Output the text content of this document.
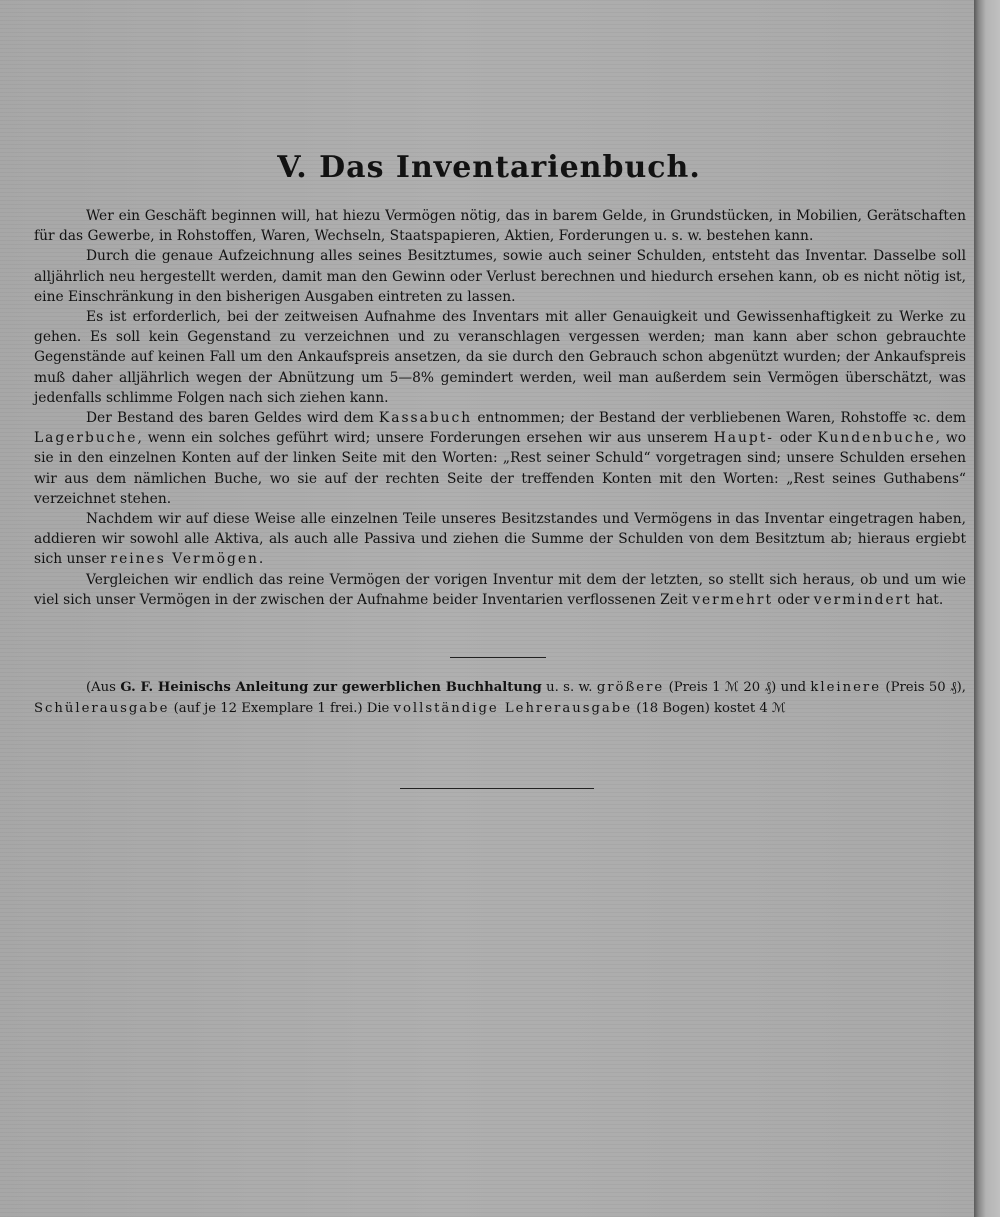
V. Das Inventarienbuch.

Wer ein Geschäft beginnen will, hat hiezu Vermögen nötig, das in barem Gelde, in Grundstücken, in Mobilien, Gerätschaften für das Gewerbe, in Rohstoffen, Waren, Wechseln, Staatspapieren, Aktien, Forderungen u. s. w. bestehen kann.

Durch die genaue Aufzeichnung alles seines Besitztumes, sowie auch seiner Schulden, entsteht das Inventar. Dasselbe soll alljährlich neu hergestellt werden, damit man den Gewinn oder Verlust berechnen und hiedurch ersehen kann, ob es nicht nötig ist, eine Einschränkung in den bisherigen Ausgaben eintreten zu lassen.

Es ist erforderlich, bei der zeitweisen Aufnahme des Inventars mit aller Genauigkeit und Gewissenhaftigkeit zu Werke zu gehen. Es soll kein Gegenstand zu verzeichnen und zu veranschlagen vergessen werden; man kann aber schon gebrauchte Gegenstände auf keinen Fall um den Ankaufspreis ansetzen, da sie durch den Gebrauch schon abgenützt wurden; der Ankaufspreis muß daher alljährlich wegen der Abnützung um 5—8% gemindert werden, weil man außerdem sein Vermögen überschätzt, was jedenfalls schlimme Folgen nach sich ziehen kann.

Der Bestand des baren Geldes wird dem Kassabuch entnommen; der Bestand der verbliebenen Waren, Rohstoffe ꝛc. dem Lagerbuche, wenn ein solches geführt wird; unsere Forderungen ersehen wir aus unserem Haupt- oder Kundenbuche, wo sie in den einzelnen Konten auf der linken Seite mit den Worten: „Rest seiner Schuld“ vorgetragen sind; unsere Schulden ersehen wir aus dem nämlichen Buche, wo sie auf der rechten Seite der treffenden Konten mit den Worten: „Rest seines Guthabens“ verzeichnet stehen.

Nachdem wir auf diese Weise alle einzelnen Teile unseres Besitzstandes und Vermögens in das Inventar eingetragen haben, addieren wir sowohl alle Aktiva, als auch alle Passiva und ziehen die Summe der Schulden von dem Besitztum ab; hieraus ergiebt sich unser reines Vermögen.

Vergleichen wir endlich das reine Vermögen der vorigen Inventur mit dem der letzten, so stellt sich heraus, ob und um wie viel sich unser Vermögen in der zwischen der Aufnahme beider Inventarien verflossenen Zeit vermehrt oder vermindert hat.

(Aus G. F. Heinischs Anleitung zur gewerblichen Buchhaltung u. s. w. größere (Preis 1 ℳ 20 ₰) und kleinere (Preis 50 ₰), Schülerausgabe (auf je 12 Exemplare 1 frei.) Die vollständige Lehrerausgabe (18 Bogen) kostet 4 ℳ
